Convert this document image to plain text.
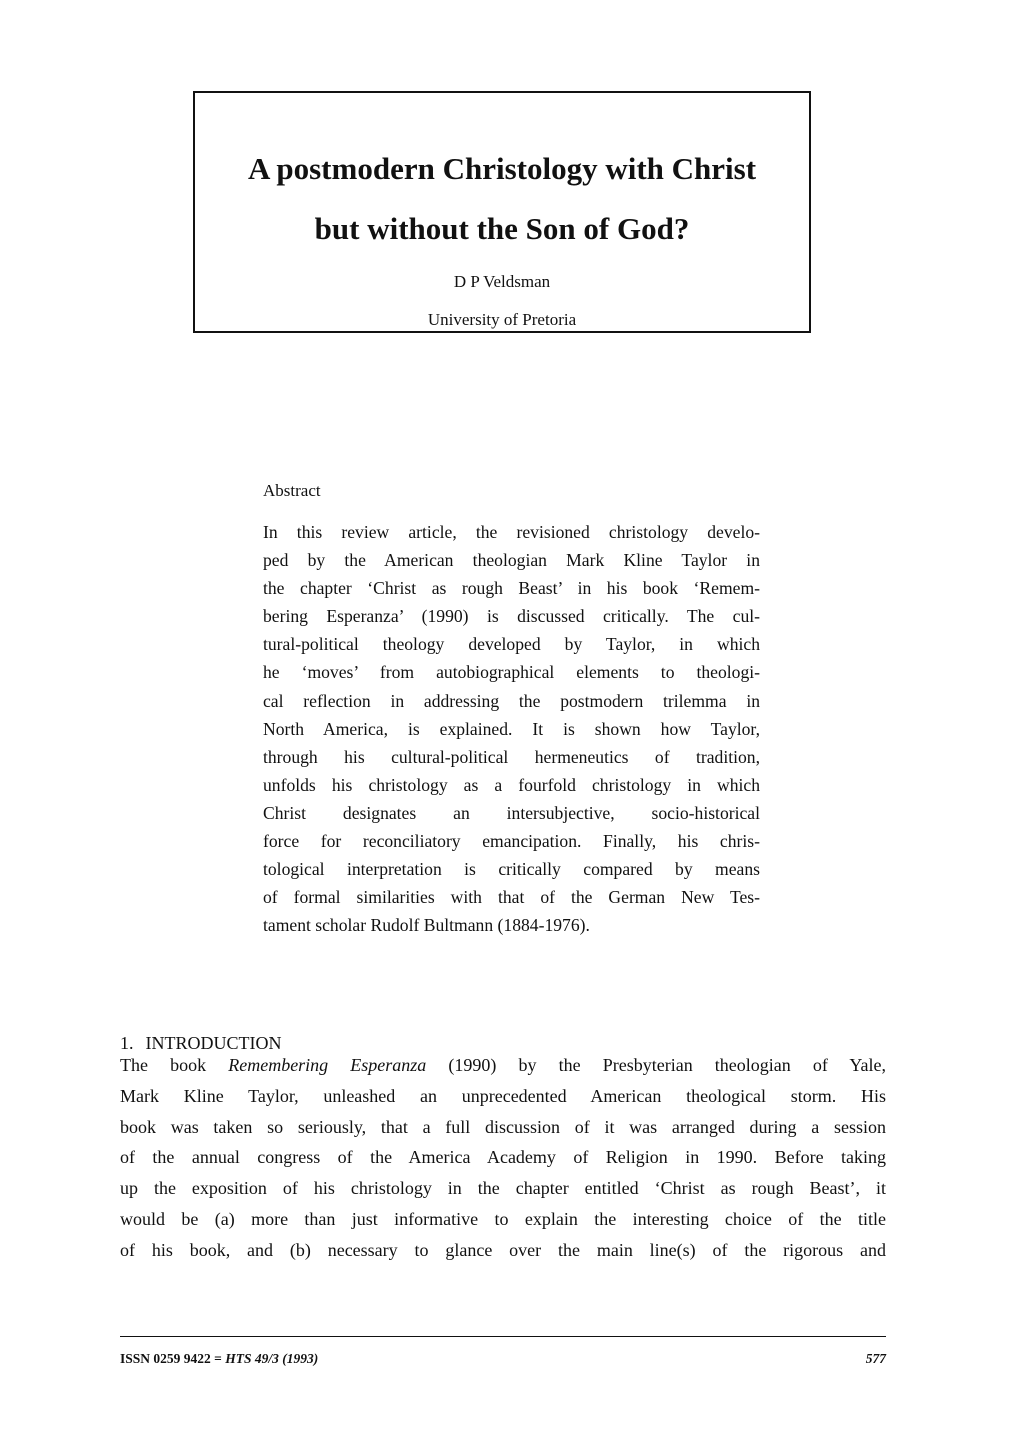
A postmodern Christology with Christ
but without the Son of God?
D P Veldsman
University of Pretoria
Abstract
In this review article, the revisioned christology develo-
ped by the American theologian Mark Kline Taylor in
the chapter ‘Christ as rough Beast’ in his book ‘Remem-
bering Esperanza’ (1990) is discussed critically. The cul-
tural-political theology developed by Taylor, in which
he ‘moves’ from autobiographical elements to theologi-
cal reflection in addressing the postmodern trilemma in
North America, is explained. It is shown how Taylor,
through his cultural-political hermeneutics of tradition,
unfolds his christology as a fourfold christology in which
Christ designates an intersubjective, socio-historical
force for reconciliatory emancipation. Finally, his chris-
tological interpretation is critically compared by means
of formal similarities with that of the German New Tes-
tament scholar Rudolf Bultmann (1884-1976).
1. INTRODUCTION
The book Remembering Esperanza (1990) by the Presbyterian theologian of Yale,
Mark Kline Taylor, unleashed an unprecedented American theological storm. His
book was taken so seriously, that a full discussion of it was arranged during a session
of the annual congress of the America Academy of Religion in 1990. Before taking
up the exposition of his christology in the chapter entitled ‘Christ as rough Beast’, it
would be (a) more than just informative to explain the interesting choice of the title
of his book, and (b) necessary to glance over the main line(s) of the rigorous and
ISSN 0259 9422 = HTS 49/3 (1993)	577
